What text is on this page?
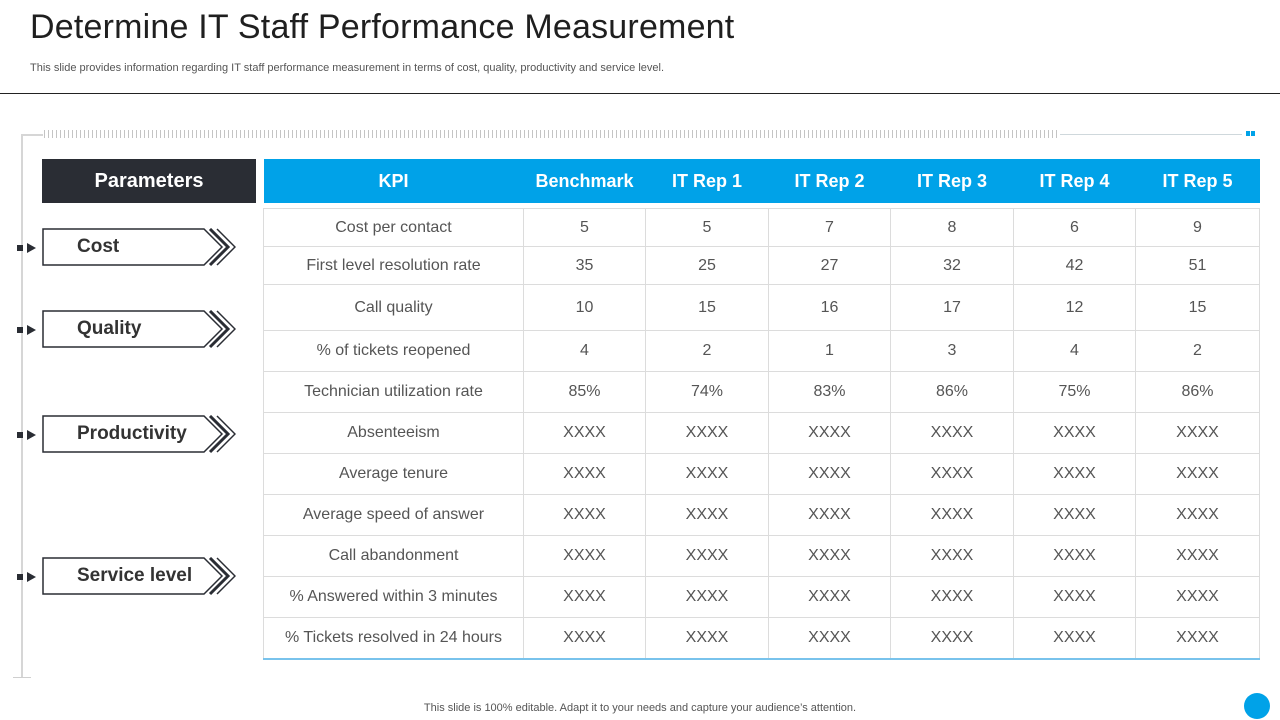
Determine IT Staff Performance Measurement
This slide provides information regarding IT staff performance measurement in terms of cost, quality, productivity and service level.
Parameters
Cost
Quality
Productivity
Service level
KPI	Benchmark	IT Rep 1	IT Rep 2	IT Rep 3	IT Rep 4	IT Rep 5

Cost per contact	5	5	7	8	6	9
First level resolution rate	35	25	27	32	42	51
Call quality	10	15	16	17	12	15
% of tickets reopened	4	2	1	3	4	2
Technician utilization rate	85%	74%	83%	86%	75%	86%
Absenteeism	XXXX	XXXX	XXXX	XXXX	XXXX	XXXX
Average tenure	XXXX	XXXX	XXXX	XXXX	XXXX	XXXX
Average speed of answer	XXXX	XXXX	XXXX	XXXX	XXXX	XXXX
Call abandonment	XXXX	XXXX	XXXX	XXXX	XXXX	XXXX
% Answered within 3 minutes	XXXX	XXXX	XXXX	XXXX	XXXX	XXXX
% Tickets resolved in 24 hours	XXXX	XXXX	XXXX	XXXX	XXXX	XXXX
This slide is 100% editable. Adapt it to your needs and capture your audience’s attention.
